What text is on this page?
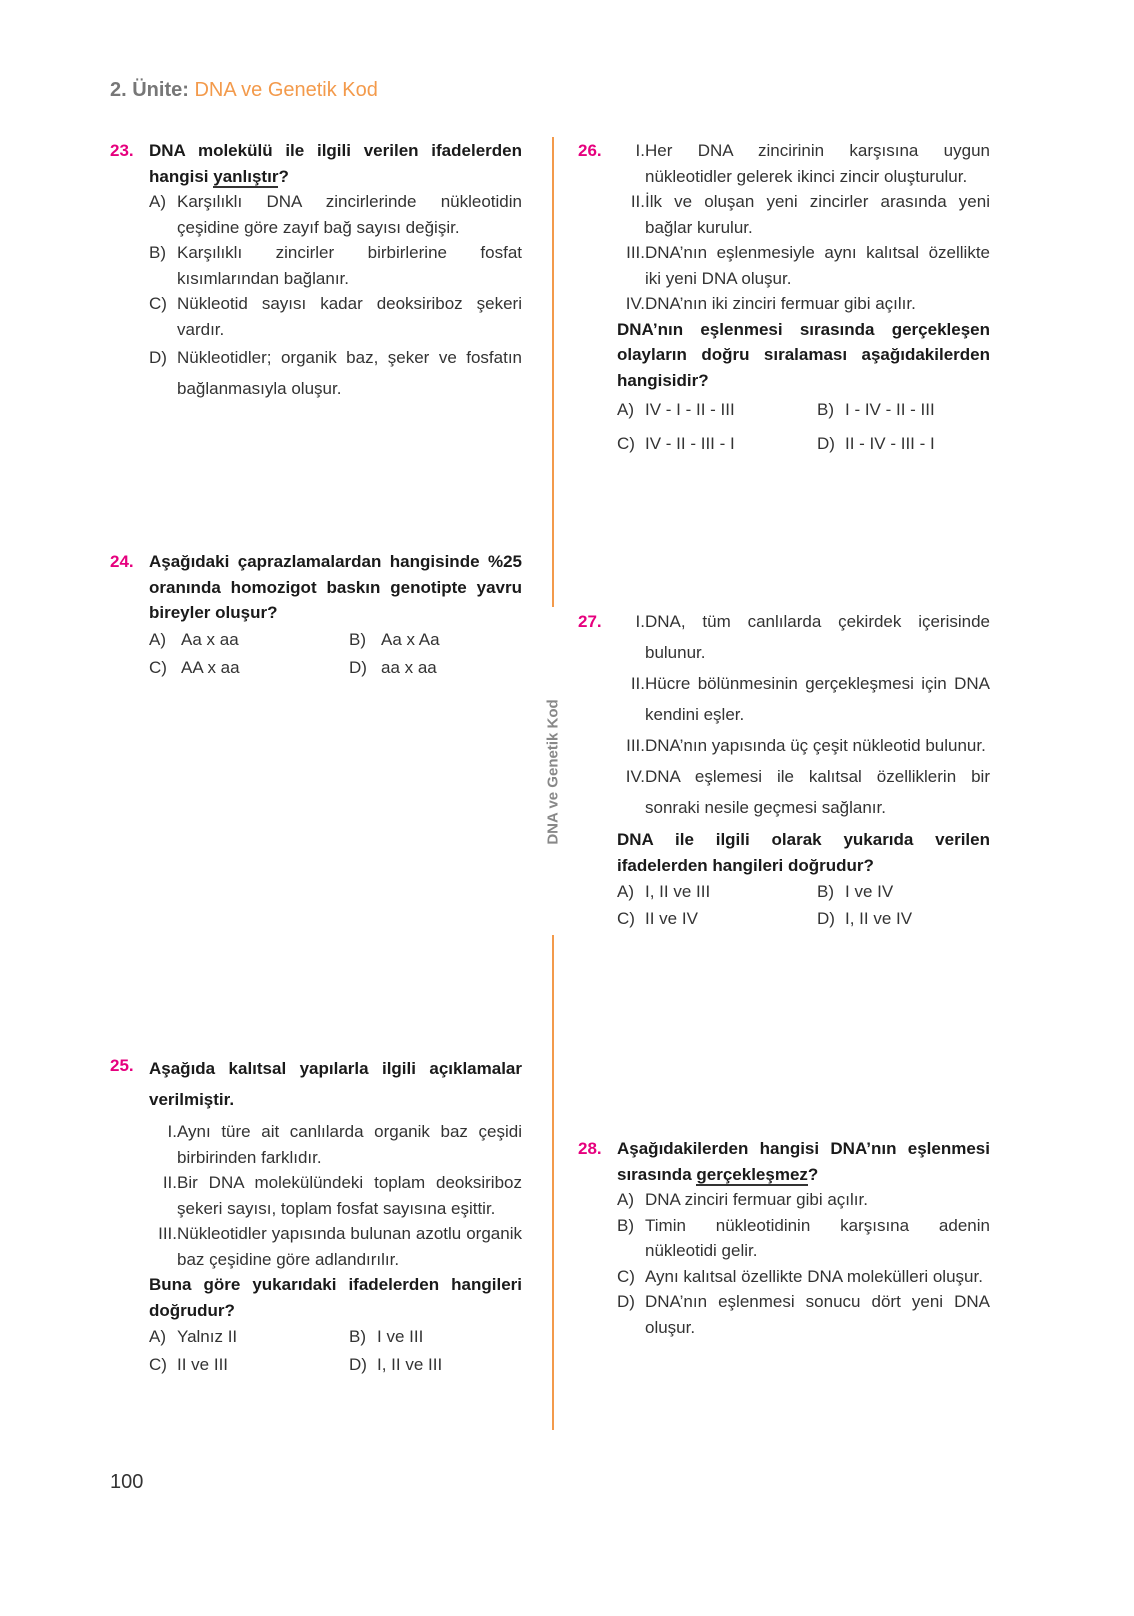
2. Ünite: DNA ve Genetik Kod
DNA ve Genetik Kod
23. DNA molekülü ile ilgili verilen ifadelerden hangisi yanlıştır?
A) Karşılıklı DNA zincirlerinde nükleotidin çeşidine göre zayıf bağ sayısı değişir.
B) Karşılıklı zincirler birbirlerine fosfat kısımlarından bağlanır.
C) Nükleotid sayısı kadar deoksiriboz şekeri vardır.
D) Nükleotidler; organik baz, şeker ve fosfatın bağlanmasıyla oluşur.
24. Aşağıdaki çaprazlamalardan hangisinde %25 oranında homozigot baskın genotipte yavru bireyler oluşur?
A) Aa x aa	B) Aa x Aa
C) AA x aa	D) aa x aa
25. Aşağıda kalıtsal yapılarla ilgili açıklamalar verilmiştir.
I. Aynı türe ait canlılarda organik baz çeşidi birbirinden farklıdır.
II. Bir DNA molekülündeki toplam deoksiriboz şekeri sayısı, toplam fosfat sayısına eşittir.
III. Nükleotidler yapısında bulunan azotlu organik baz çeşidine göre adlandırılır.
Buna göre yukarıdaki ifadelerden hangileri doğrudur?
A) Yalnız II	B) I ve III
C) II ve III	D) I, II ve III
26.	I. Her DNA zincirinin karşısına uygun nükleotidler gelerek ikinci zincir oluşturulur.
II. İlk ve oluşan yeni zincirler arasında yeni bağlar kurulur.
III. DNA’nın eşlenmesiyle aynı kalıtsal özellikte iki yeni DNA oluşur.
IV. DNA’nın iki zinciri fermuar gibi açılır.
DNA’nın eşlenmesi sırasında gerçekleşen olayların doğru sıralaması aşağıdakilerden hangisidir?
A) IV - I - II - III	B) I - IV - II - III
C) IV - II - III - I	D) II - IV - III - I
27.	I. DNA, tüm canlılarda çekirdek içerisinde bulunur.
II. Hücre bölünmesinin gerçekleşmesi için DNA kendini eşler.
III. DNA’nın yapısında üç çeşit nükleotid bulunur.
IV. DNA eşlemesi ile kalıtsal özelliklerin bir sonraki nesile geçmesi sağlanır.
DNA ile ilgili olarak yukarıda verilen ifadelerden hangileri doğrudur?
A) I, II ve III	B) I ve IV
C) II ve IV	D) I, II ve IV
28. Aşağıdakilerden hangisi DNA’nın eşlenmesi sırasında gerçekleşmez?
A) DNA zinciri fermuar gibi açılır.
B) Timin nükleotidinin karşısına adenin nükleotidi gelir.
C) Aynı kalıtsal özellikte DNA molekülleri oluşur.
D) DNA’nın eşlenmesi sonucu dört yeni DNA oluşur.
100
